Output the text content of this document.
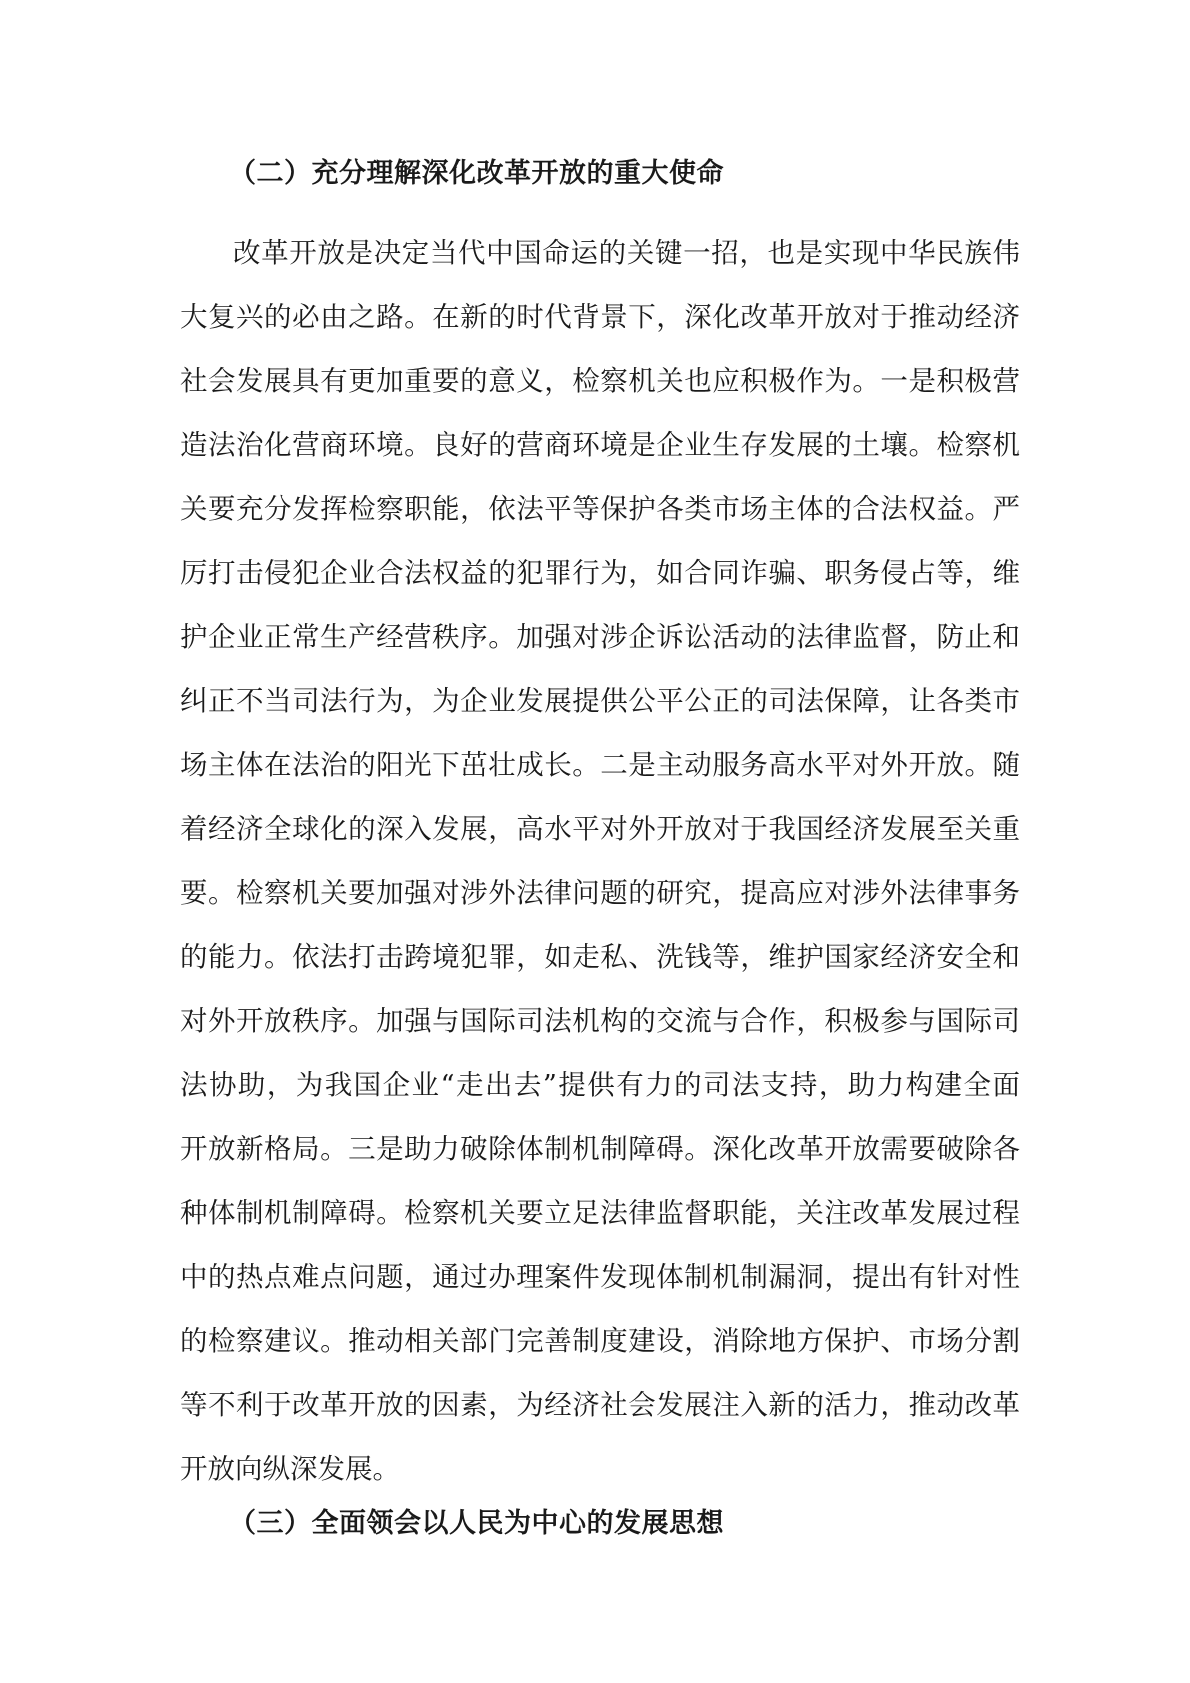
（二）充分理解深化改革开放的重大使命
改革开放是决定当代中国命运的关键一招，也是实现中华民族伟
大复兴的必由之路。在新的时代背景下，深化改革开放对于推动经济
社会发展具有更加重要的意义，检察机关也应积极作为。一是积极营
造法治化营商环境。良好的营商环境是企业生存发展的土壤。检察机
关要充分发挥检察职能，依法平等保护各类市场主体的合法权益。严
厉打击侵犯企业合法权益的犯罪行为，如合同诈骗、职务侵占等，维
护企业正常生产经营秩序。加强对涉企诉讼活动的法律监督，防止和
纠正不当司法行为，为企业发展提供公平公正的司法保障，让各类市
场主体在法治的阳光下茁壮成长。二是主动服务高水平对外开放。随
着经济全球化的深入发展，高水平对外开放对于我国经济发展至关重
要。检察机关要加强对涉外法律问题的研究，提高应对涉外法律事务
的能力。依法打击跨境犯罪，如走私、洗钱等，维护国家经济安全和
对外开放秩序。加强与国际司法机构的交流与合作，积极参与国际司
法协助，为我国企业“走出去”提供有力的司法支持，助力构建全面
开放新格局。三是助力破除体制机制障碍。深化改革开放需要破除各
种体制机制障碍。检察机关要立足法律监督职能，关注改革发展过程
中的热点难点问题，通过办理案件发现体制机制漏洞，提出有针对性
的检察建议。推动相关部门完善制度建设，消除地方保护、市场分割
等不利于改革开放的因素，为经济社会发展注入新的活力，推动改革
开放向纵深发展。
（三）全面领会以人民为中心的发展思想
